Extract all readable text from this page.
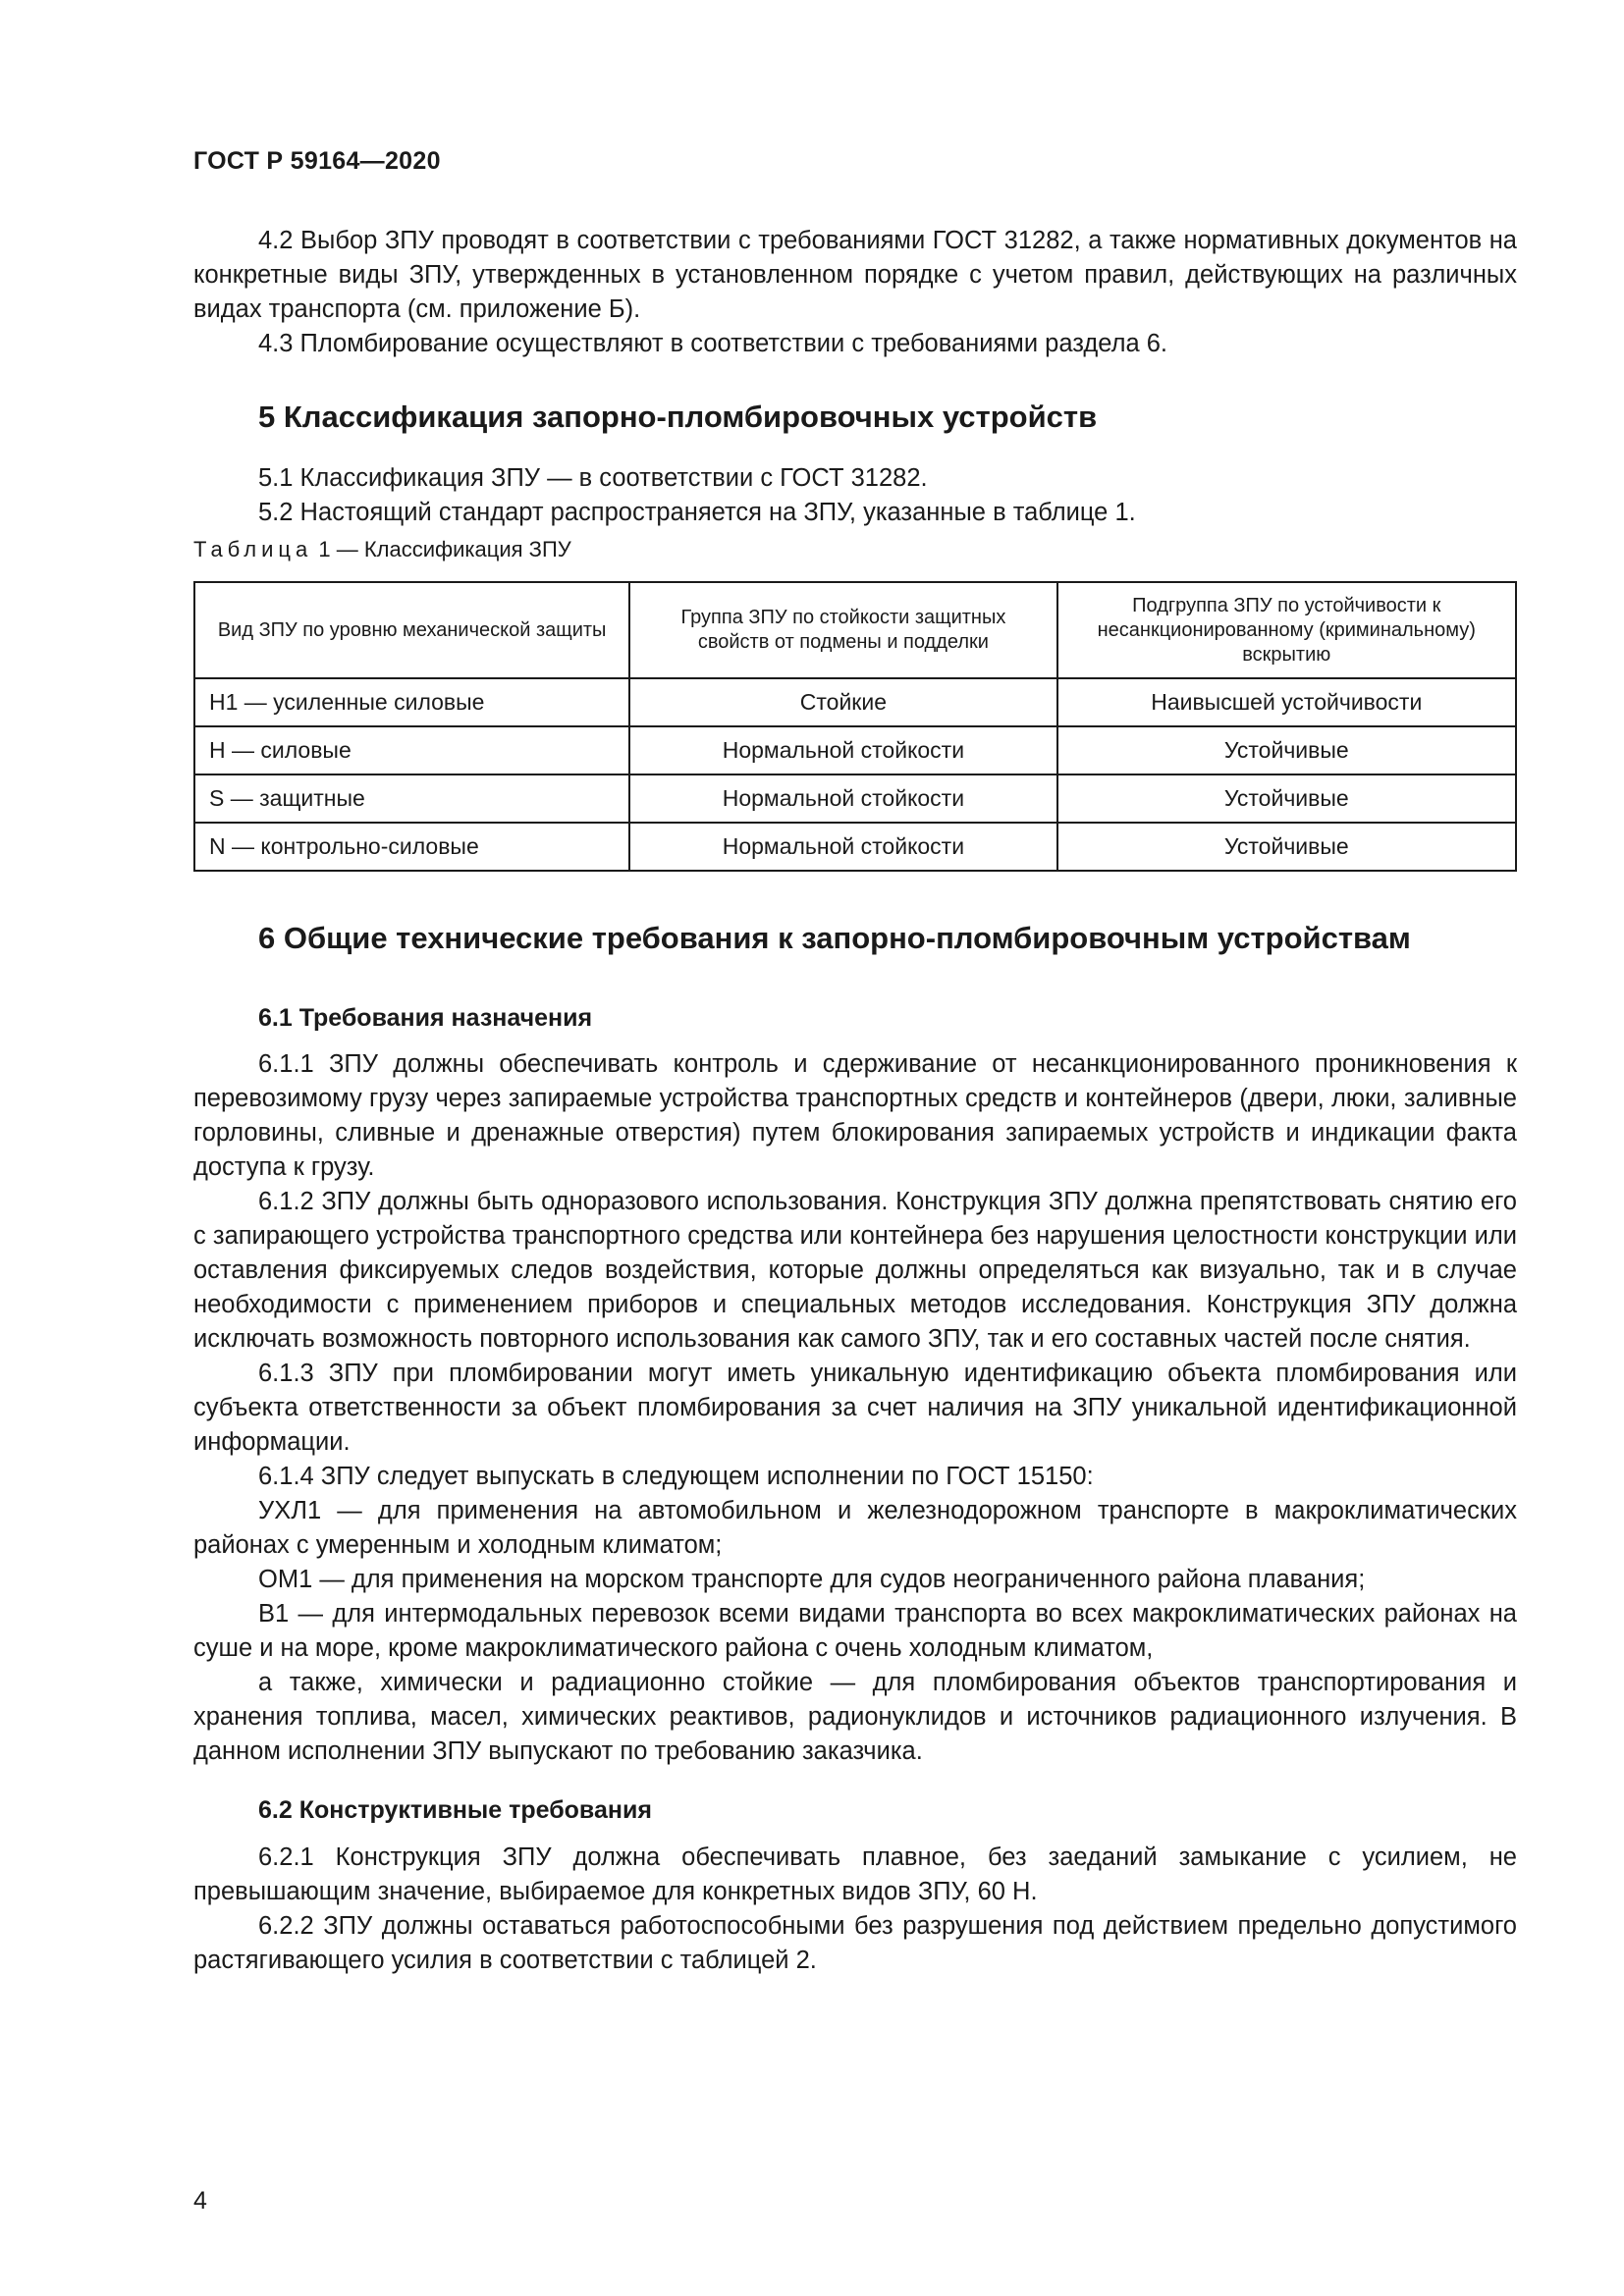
ГОСТ Р 59164—2020

4.2 Выбор ЗПУ проводят в соответствии с требованиями ГОСТ 31282, а также нормативных документов на конкретные виды ЗПУ, утвержденных в установленном порядке с учетом правил, действующих на различных видах транспорта (см. приложение Б).

4.3 Пломбирование осуществляют в соответствии с требованиями раздела 6.

5 Классификация запорно-пломбировочных устройств

5.1 Классификация ЗПУ — в соответствии с ГОСТ 31282.

5.2 Настоящий стандарт распространяется на ЗПУ, указанные в таблице 1.

Таблица 1 — Классификация ЗПУ
Вид ЗПУ по уровню механической защиты	Группа ЗПУ по стойкости защитных свойств от подмены и подделки	Подгруппа ЗПУ по устойчивости к несанкционированному (криминальному) вскрытию
Н1 — усиленные силовые	Стойкие	Наивысшей устойчивости
Н — силовые	Нормальной стойкости	Устойчивые
S — защитные	Нормальной стойкости	Устойчивые
N — контрольно-силовые	Нормальной стойкости	Устойчивые
6 Общие технические требования к запорно-пломбировочным устройствам
6.1 Требования назначения

6.1.1 ЗПУ должны обеспечивать контроль и сдерживание от несанкционированного проникновения к перевозимому грузу через запираемые устройства транспортных средств и контейнеров (двери, люки, заливные горловины, сливные и дренажные отверстия) путем блокирования запираемых устройств и индикации факта доступа к грузу.

6.1.2 ЗПУ должны быть одноразового использования. Конструкция ЗПУ должна препятствовать снятию его с запирающего устройства транспортного средства или контейнера без нарушения целостности конструкции или оставления фиксируемых следов воздействия, которые должны определяться как визуально, так и в случае необходимости с применением приборов и специальных методов исследования. Конструкция ЗПУ должна исключать возможность повторного использования как самого ЗПУ, так и его составных частей после снятия.

6.1.3 ЗПУ при пломбировании могут иметь уникальную идентификацию объекта пломбирования или субъекта ответственности за объект пломбирования за счет наличия на ЗПУ уникальной идентификационной информации.

6.1.4 ЗПУ следует выпускать в следующем исполнении по ГОСТ 15150:

УХЛ1 — для применения на автомобильном и железнодорожном транспорте в макроклиматических районах с умеренным и холодным климатом;

ОМ1 — для применения на морском транспорте для судов неограниченного района плавания;

В1 — для интермодальных перевозок всеми видами транспорта во всех макроклиматических районах на суше и на море, кроме макроклиматического района с очень холодным климатом,

а также, химически и радиационно стойкие — для пломбирования объектов транспортирования и хранения топлива, масел, химических реактивов, радионуклидов и источников радиационного излучения. В данном исполнении ЗПУ выпускают по требованию заказчика.

6.2 Конструктивные требования

6.2.1 Конструкция ЗПУ должна обеспечивать плавное, без заеданий замыкание с усилием, не превышающим значение, выбираемое для конкретных видов ЗПУ, 60 Н.

6.2.2 ЗПУ должны оставаться работоспособными без разрушения под действием предельно допустимого растягивающего усилия в соответствии с таблицей 2.

4
